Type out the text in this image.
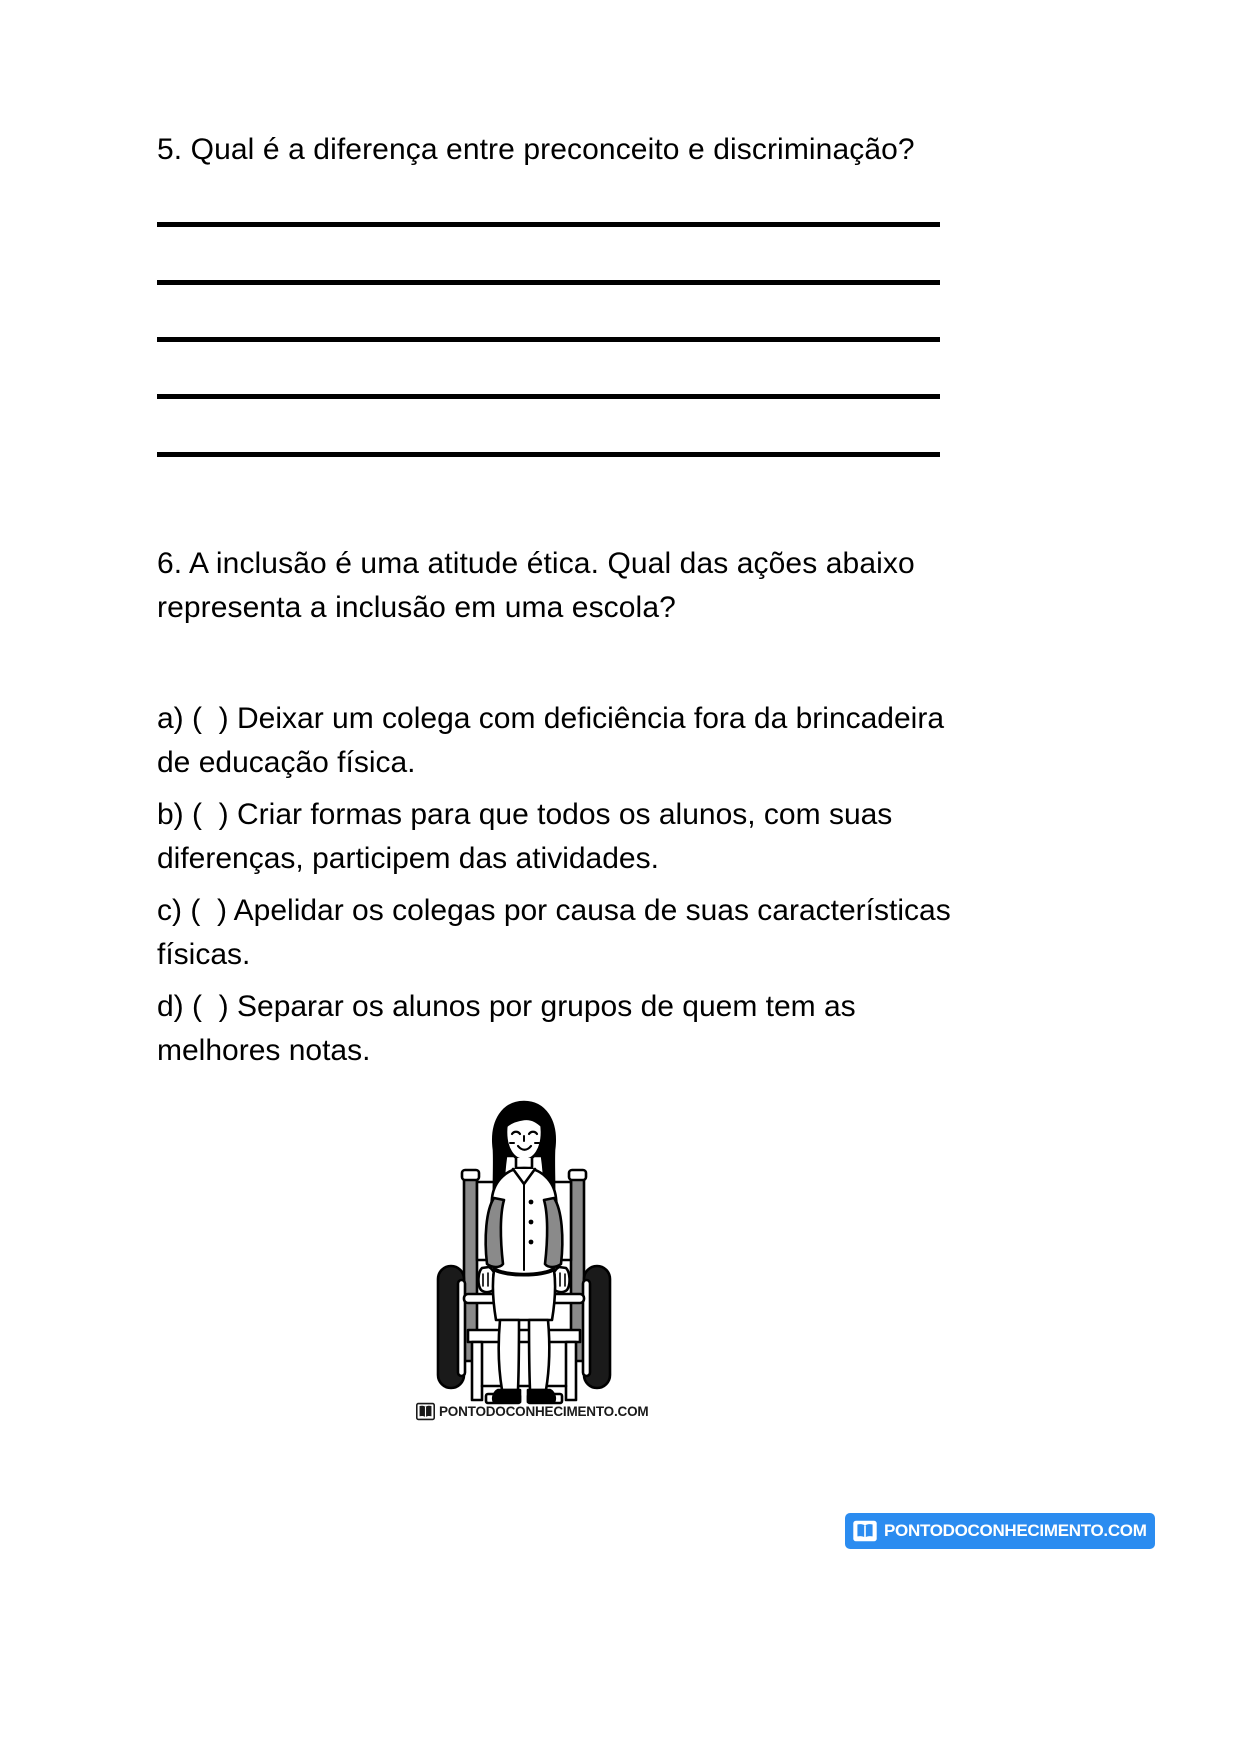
5. Qual é a diferença entre preconceito e discriminação?
6. A inclusão é uma atitude ética. Qual das ações abaixo representa a inclusão em uma escola?
a) (  ) Deixar um colega com deficiência fora da brincadeira de educação física.
b) (  ) Criar formas para que todos os alunos, com suas diferenças, participem das atividades.
c) (  ) Apelidar os colegas por causa de suas características físicas.
d) (  ) Separar os alunos por grupos de quem tem as melhores notas.
PONTODOCONHECIMENTO.COM
PONTODOCONHECIMENTO.COM
